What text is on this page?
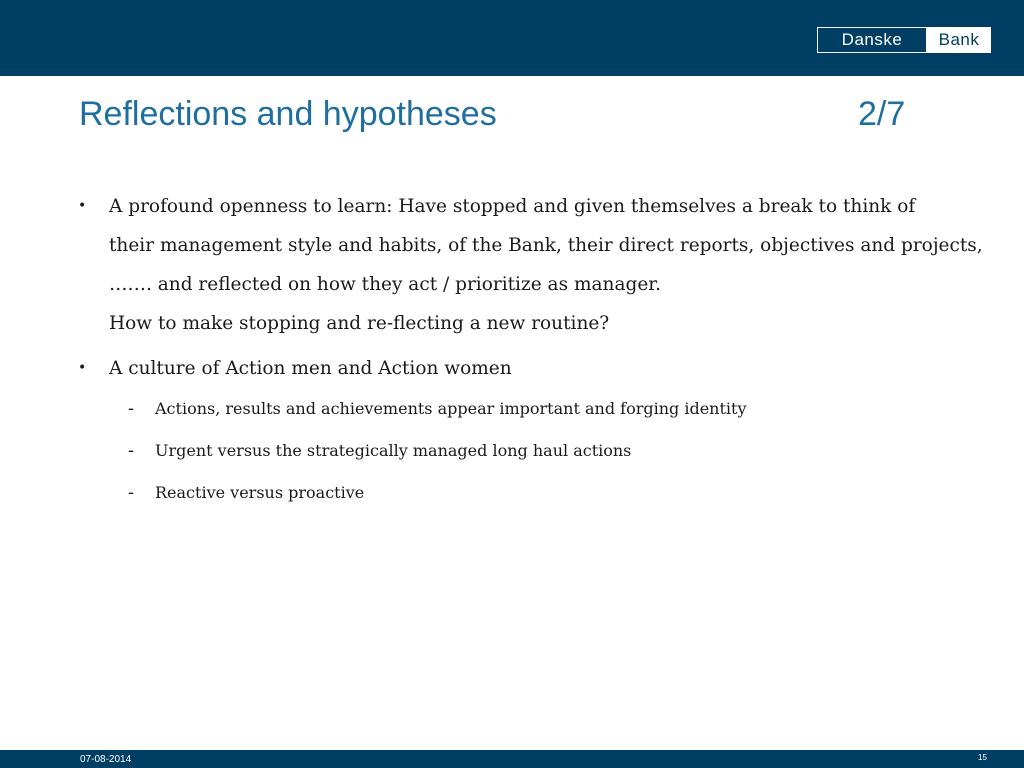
Danske	Bank
Reflections and hypotheses	2/7
• A profound openness to learn: Have stopped and given themselves a break to think of
their management style and habits, of the Bank, their direct reports, objectives and projects,
……. and reflected on how they act / prioritize as manager.
How to make stopping and re-flecting a new routine?
• A culture of Action men and Action women
- Actions, results and achievements appear important and forging identity
- Urgent versus the strategically managed long haul actions
- Reactive versus proactive
07-08-2014	15
